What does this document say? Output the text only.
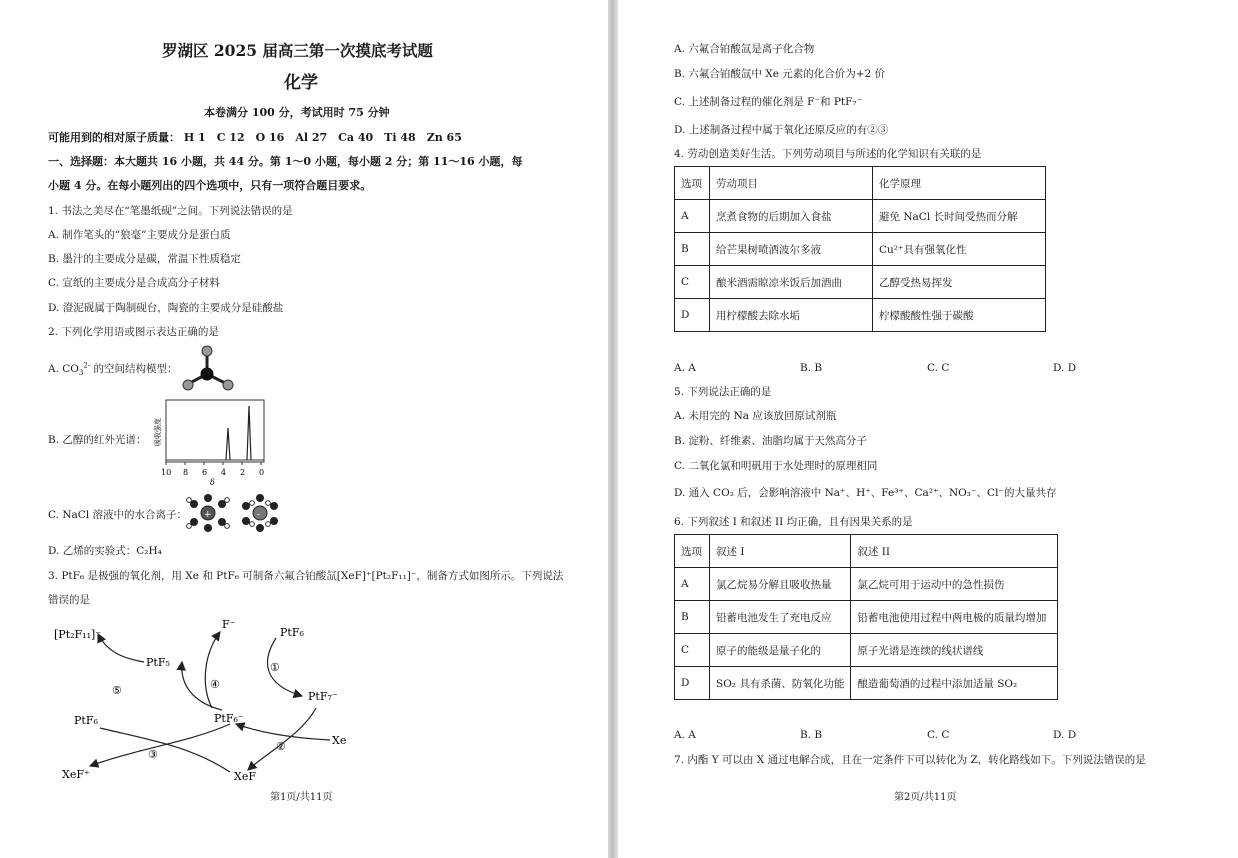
罗湖区 2025 届高三第一次摸底考试题
化学
本卷满分 100 分，考试用时 75 分钟
可能用到的相对原子质量： H 1　C 12　O 16　Al 27　Ca 40　Ti 48　Zn 65
一、选择题：本大题共 16 小题，共 44 分。第 1～0 小题，每小题 2 分；第 11～16 小题，每
小题 4 分。在每小题列出的四个选项中，只有一项符合题目要求。
1. 书法之美尽在“笔墨纸砚”之间。下列说法错误的是
A. 制作笔头的“狼毫”主要成分是蛋白质
B. 墨汁的主要成分是碳，常温下性质稳定
C. 宣纸的主要成分是合成高分子材料
D. 澄泥砚属于陶制砚台，陶瓷的主要成分是硅酸盐
2. 下列化学用语或图示表达正确的是
A. $CO_3^{2-}$ 的空间结构模型：
B. 乙醇的红外光谱： 吸收强度
10 8 6 4 2 0
δ
C. NaCl 溶液中的水合离子： +	-
D. 乙烯的实验式：C₂H₄
3. PtF₆ 是极强的氧化剂，用 Xe 和 PtF₆ 可制备六氟合铂酸氙[XeF]⁺[Pt₂F₁₁]⁻，制备方式如图所示。下列说法
错误的是
[Pt₂F₁₁]⁻
F⁻
PtF₆
PtF₅
PtF₇⁻
PtF₆	PtF₆⁻
Xe
XeF⁺	XeF
①
②
③
④
⑤
第1页/共11页
A. 六氟合铂酸氙是离子化合物
B. 六氟合铂酸氙中 Xe 元素的化合价为+2 价
C. 上述制备过程的催化剂是 F⁻和 PtF₇⁻
D. 上述制备过程中属于氧化还原反应的有②③
4. 劳动创造美好生活。下列劳动项目与所述的化学知识有关联的是
选项	劳动项目	化学原理
A	烹煮食物的后期加入食盐	避免 NaCl 长时间受热而分解
B	给芒果树喷洒波尔多液	Cu²⁺具有强氧化性
C	酿米酒需晾凉米饭后加酒曲	乙醇受热易挥发
D	用柠檬酸去除水垢	柠檬酸酸性强于碳酸
A. A	B. B	C. C	D. D
5. 下列说法正确的是
A. 未用完的 Na 应该放回原试剂瓶
B. 淀粉、纤维素、油脂均属于天然高分子
C. 二氧化氯和明矾用于水处理时的原理相同
D. 通入 CO₂ 后，会影响溶液中 Na⁺、H⁺、Fe³⁺、Ca²⁺、NO₃⁻、Cl⁻的大量共存
6. 下列叙述 I 和叙述 II 均正确，且有因果关系的是
选项	叙述 I	叙述 II
A	氯乙烷易分解且吸收热量	氯乙烷可用于运动中的急性损伤
B	铅蓄电池发生了充电反应	铅蓄电池使用过程中两电极的质量均增加
C	原子的能级是量子化的	原子光谱是连续的线状谱线
D	SO₂ 具有杀菌、防氧化功能	酿造葡萄酒的过程中添加适量 SO₂
A. A	B. B	C. C	D. D
7. 内酯 Y 可以由 X 通过电解合成，且在一定条件下可以转化为 Z，转化路线如下。下列说法错误的是
第2页/共11页
